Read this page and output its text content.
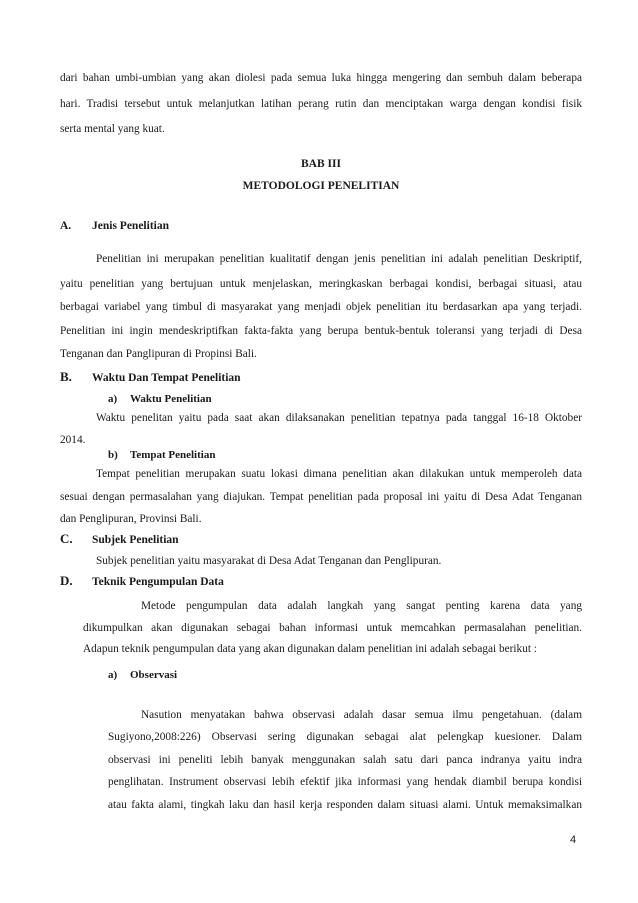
dari bahan umbi-umbian yang akan diolesi pada semua luka hingga mengering dan sembuh dalam beberapa

hari. Tradisi tersebut untuk melanjutkan latihan perang rutin dan menciptakan warga dengan kondisi fisik

serta mental yang kuat.

BAB III

METODOLOGI PENELITIAN

A. Jenis Penelitian

Penelitian ini merupakan penelitian kualitatif dengan jenis penelitian ini adalah penelitian Deskriptif,

yaitu penelitian yang bertujuan untuk menjelaskan, meringkaskan berbagai kondisi, berbagai situasi, atau

berbagai variabel yang timbul di masyarakat yang menjadi objek penelitian itu berdasarkan apa yang terjadi.

Penelitian ini ingin mendeskriptifkan fakta-fakta yang berupa bentuk-bentuk toleransi yang terjadi di Desa

Tenganan dan Panglipuran di Propinsi Bali.

B. Waktu Dan Tempat Penelitian
a) Waktu Penelitian

Waktu penelitan yaitu pada saat akan dilaksanakan penelitian tepatnya pada tanggal 16-18 Oktober

2014.

b) Tempat Penelitian

Tempat penelitian merupakan suatu lokasi dimana penelitian akan dilakukan untuk memperoleh data

sesuai dengan permasalahan yang diajukan. Tempat penelitian pada proposal ini yaitu di Desa Adat Tenganan

dan Penglipuran, Provinsi Bali.

C. Subjek Penelitian

Subjek penelitian yaitu masyarakat di Desa Adat Tenganan dan Penglipuran.

D. Teknik Pengumpulan Data

Metode pengumpulan data adalah langkah yang sangat penting karena data yang

dikumpulkan akan digunakan sebagai bahan informasi untuk memcahkan permasalahan penelitian.

Adapun teknik pengumpulan data yang akan digunakan dalam penelitian ini adalah sebagai berikut :

a) Observasi

Nasution menyatakan bahwa observasi adalah dasar semua ilmu pengetahuan. (dalam

Sugiyono,2008:226) Observasi sering digunakan sebagai alat pelengkap kuesioner. Dalam

observasi ini peneliti lebih banyak menggunakan salah satu dari panca indranya yaitu indra

penglihatan. Instrument observasi lebih efektif jika informasi yang hendak diambil berupa kondisi

atau fakta alami, tingkah laku dan hasil kerja responden dalam situasi alami. Untuk memaksimalkan

4
